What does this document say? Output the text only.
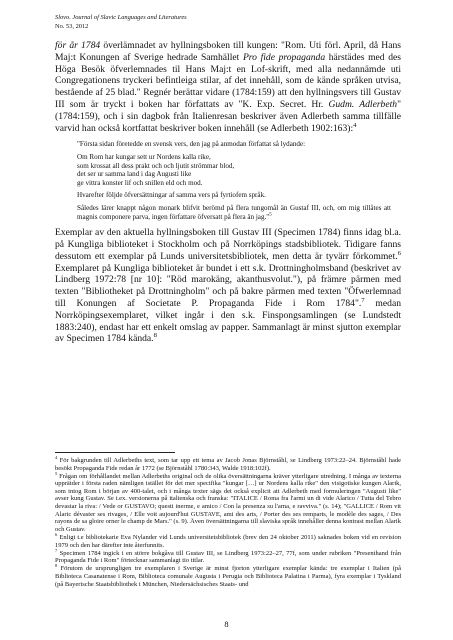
Slovo. Journal of Slavic Languages and Literatures
No. 53, 2012

för år 1784 överlämnadet av hyllningsboken till kungen: "Rom. Uti förl. April, då Hans Maj:t Konungen af Sverige hedrade Samhället Pro fide propaganda härstädes med des Höga Besök öfverlemnades til Hans Maj:t en Lof-skrift, med alla nedannämde uti Congregationens tryckeri befintleiga stilar, af det innehåll, som de kände språken utvisa, bestående af 25 blad." Regnér berättar vidare (1784:159) att den hyllningsvers till Gustav III som är tryckt i boken har författats av "K. Exp. Secret. Hr. Gudm. Adlerbeth" (1784:159), och i sin dagbok från Italienresan beskriver även Adlerbeth samma tillfälle varvid han också kortfattat beskriver boken innehåll (se Adlerbeth 1902:163):$^4$

"Första sidan företedde en svensk vers, den jag på anmodan författat så lydande:

Om Rom har kungar sett ur Nordens kalla rike,
som krossat all dess prakt och och ljutit strömmar blod,
det ser ur samma land i dag Augusti like
ge vittra konster lif och snillen eld och mod.

Hvarefter följde öfversättningar af samma vers på fyrtiofem språk.

Således lärer knappt någon monark blifvit berömd på flera tungomål än Gustaf III, och, om mig tillåtes att magnis componere parva, ingen författare öfversatt på flera än jag."$^5$

Exemplar av den aktuella hyllningsboken till Gustav III (Specimen 1784) finns idag bl.a. på Kungliga biblioteket i Stockholm och på Norrköpings stadsbibliotek. Tidigare fanns dessutom ett exemplar på Lunds universitetsbibliotek, men detta är tyvärr förkommet.$^6$ Exemplaret på Kungliga biblioteket är bundet i ett s.k. Drottningholmsband (beskrivet av Lindberg 1972:78 [nr 10]: "Röd marokäng, akanthusvolut."), på främre pärmen med texten "Bibliotheket på Drottningholm" och på bakre pärmen med texten "Öfwerlemnad till Konungen af Societate P. Propaganda Fide i Rom 1784".$^7$ medan Norrköpingsexemplaret, vilket ingår i den s.k. Finspongsamlingen (se Lundstedt 1883:240), endast har ett enkelt omslag av papper. Sammanlagt är minst sjutton exemplar av Specimen 1784 kända.$^8$

$^4$ För bakgrunden till Adlerbeths text, som tar upp ett tema av Jacob Jonas Björnståhl, se Lindberg 1973:22–24. Björnståhl hade besökt Propaganda Fide redan år 1772 (se Björnståhl 1780:343, Walde 1918:102f).

$^5$ Frågan om förhållandet mellan Adlerbeths original och de olika översättningarna kräver ytterligare utredning. I många av texterna upprätder i första raden nämligen istället för det mer specifika "kungar […] ur Nordens kalla rike" den visigotiske kungen Alarik, som intog Rom i början av 400-talet, och i många texter sägs det också explicit att Adlerbeth med formuleringen "Augusti like" avser kung Gustav. Se t.ex. versionerna på italienska och franska: "ITALICE / Roma fra l'armi un di vide Alarico / Tutta del Tebro devastar la riva: / Vede or GUSTAVO; questi inerme, e amico / Con la presenza su l'arna, e ravviva." (s. 14); "GALLICE / Rom vit Alaric dévaster ses rivages, / Elle voit aujourd'hui GUSTAVE, ami des arts, / Porter des ses remparts, le modèle des sages, / Des rayons de sa gloire orner le champ de Mars." (s. 9). Även översättningarna till slaviska språk innehåller denna kontrast mellan Alarik och Gustav.

$^6$ Enligt t.e bibliotekarie Eva Nylander vid Lunds universitetsbibliotek (brev den 24 oktober 2011) saknades boken vid en revision 1979 och den har därefter inte återfunnits.

$^7$ Specimen 1784 ingick i en större bokgåva till Gustav III, se Lindberg 1973:22–27, 77f, som under rubriken "Presenthand från Propaganda Fide i Rom" förtecknar sammanlagt tio titlar.

$^8$ Förutom de ursprungligen tre exemplaren i Sverige är minst fjorton ytterligare exemplar kända: tre exemplar i Italien (på Biblioteca Casanatense i Rom, Biblioteca comunale Augusta i Perugia och Biblioteca Palatina i Parma), fyra exemplar i Tyskland (på Bayerische Staatsbibliothek i München, Niedersächsisches Staats- und

8
